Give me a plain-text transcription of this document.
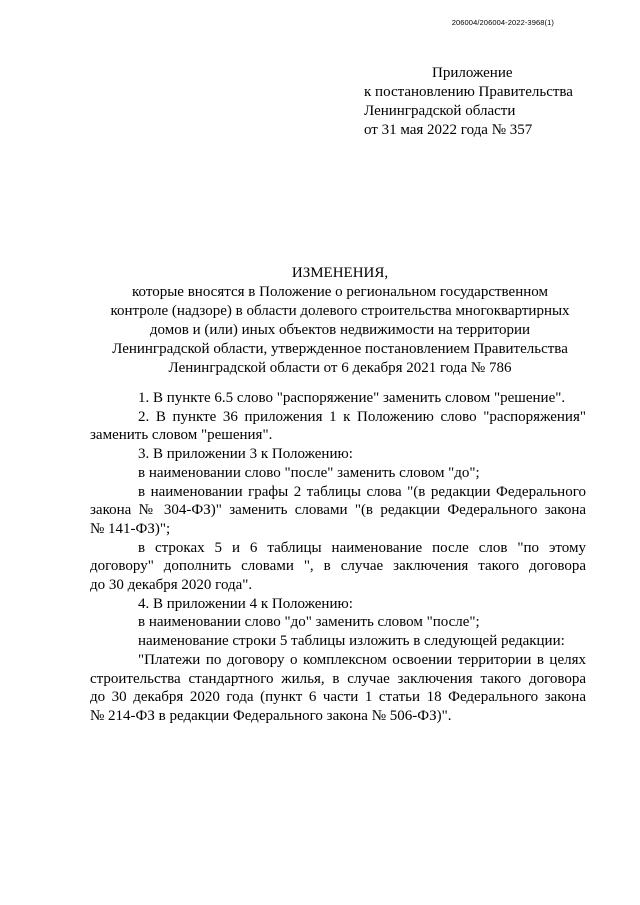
206004/206004-2022-3968(1)
Приложение
к постановлению Правительства
Ленинградской области
от 31 мая 2022 года № 357
ИЗМЕНЕНИЯ,
которые вносятся в Положение о региональном государственном
контроле (надзоре) в области долевого строительства многоквартирных
домов и (или) иных объектов недвижимости на территории
Ленинградской области, утвержденное постановлением Правительства
Ленинградской области от 6 декабря 2021 года № 786
1. В пункте 6.5 слово "распоряжение" заменить словом "решение".
2. В пункте 36 приложения 1 к Положению слово "распоряжения"
заменить словом "решения".
3. В приложении 3 к Положению:
в наименовании слово "после" заменить словом "до";
в наименовании графы 2 таблицы слова "(в редакции Федерального
закона № 304-ФЗ)" заменить словами "(в редакции Федерального закона
№ 141-ФЗ)";
в строках 5 и 6 таблицы наименование после слов "по этому
договору" дополнить словами ", в случае заключения такого договора
до 30 декабря 2020 года".
4. В приложении 4 к Положению:
в наименовании слово "до" заменить словом "после";
наименование строки 5 таблицы изложить в следующей редакции:
"Платежи по договору о комплексном освоении территории в целях
строительства стандартного жилья, в случае заключения такого договора
до 30 декабря 2020 года (пункт 6 части 1 статьи 18 Федерального закона
№ 214-ФЗ в редакции Федерального закона № 506-ФЗ)".
